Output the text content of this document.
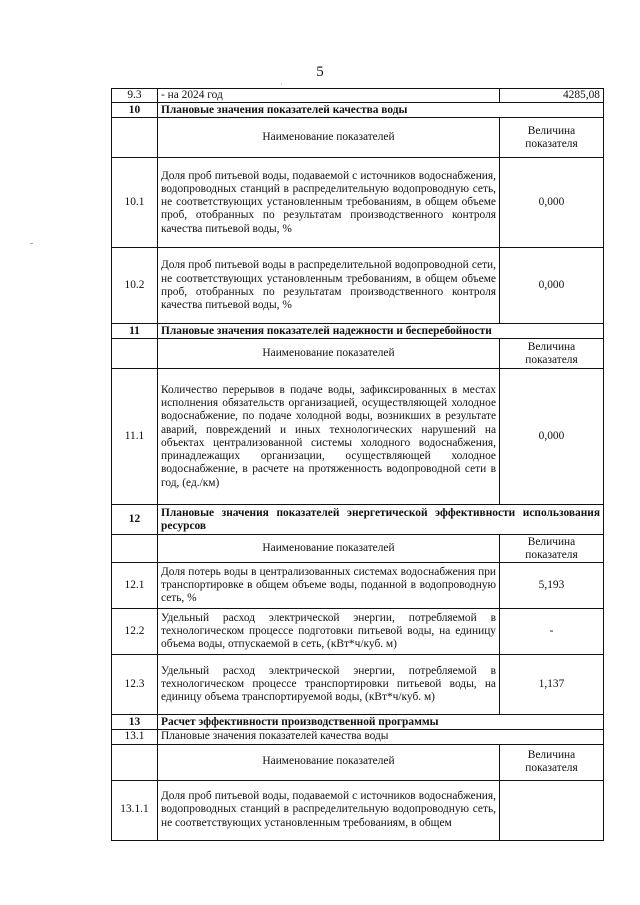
5
-
·
9.3	- на 2024 год	4285,08
10	Плановые значения показателей качества воды	
	Наименование показателей	Величина показателя
10.1	Доля проб питьевой воды, подаваемой с источников водоснабжения, водопроводных станций в распределительную водопроводную сеть, не соответствующих установленным требованиям, в общем объеме проб, отобранных по результатам производственного контроля качества питьевой воды, %	0,000
10.2	Доля проб питьевой воды в распределительной водопроводной сети, не соответствующих установленным требованиям, в общем объеме проб, отобранных по результатам производственного контроля качества питьевой воды, %	0,000
11	Плановые значения показателей надежности и бесперебойности	
	Наименование показателей	Величина показателя
11.1	Количество перерывов в подаче воды, зафиксированных в местах исполнения обязательств организацией, осуществляющей холодное водоснабжение, по подаче холодной воды, возникших в результате аварий, повреждений и иных технологических нарушений на объектах централизованной системы холодного водоснабжения, принадлежащих организации, осуществляющей холодное водоснабжение, в расчете на протяженность водопроводной сети в год, (ед./км)	0,000
12	Плановые значения показателей энергетической эффективности использования ресурсов	
	Наименование показателей	Величина показателя
12.1	Доля потерь воды в централизованных системах водоснабжения при транспортировке в общем объеме воды, поданной в водопроводную сеть, %	5,193
12.2	Удельный расход электрической энергии, потребляемой в технологическом процессе подготовки питьевой воды, на единицу объема воды, отпускаемой в сеть, (кВт*ч/куб. м)	-
12.3	Удельный расход электрической энергии, потребляемой в технологическом процессе транспортировки питьевой воды, на единицу объема транспортируемой воды, (кВт*ч/куб. м)	1,137
13	Расчет эффективности производственной программы	
13.1	Плановые значения показателей качества воды	
	Наименование показателей	Величина показателя
13.1.1	Доля проб питьевой воды, подаваемой с источников водоснабжения, водопроводных станций в распределительную водопроводную сеть, не соответствующих установленным требованиям, в общем	
